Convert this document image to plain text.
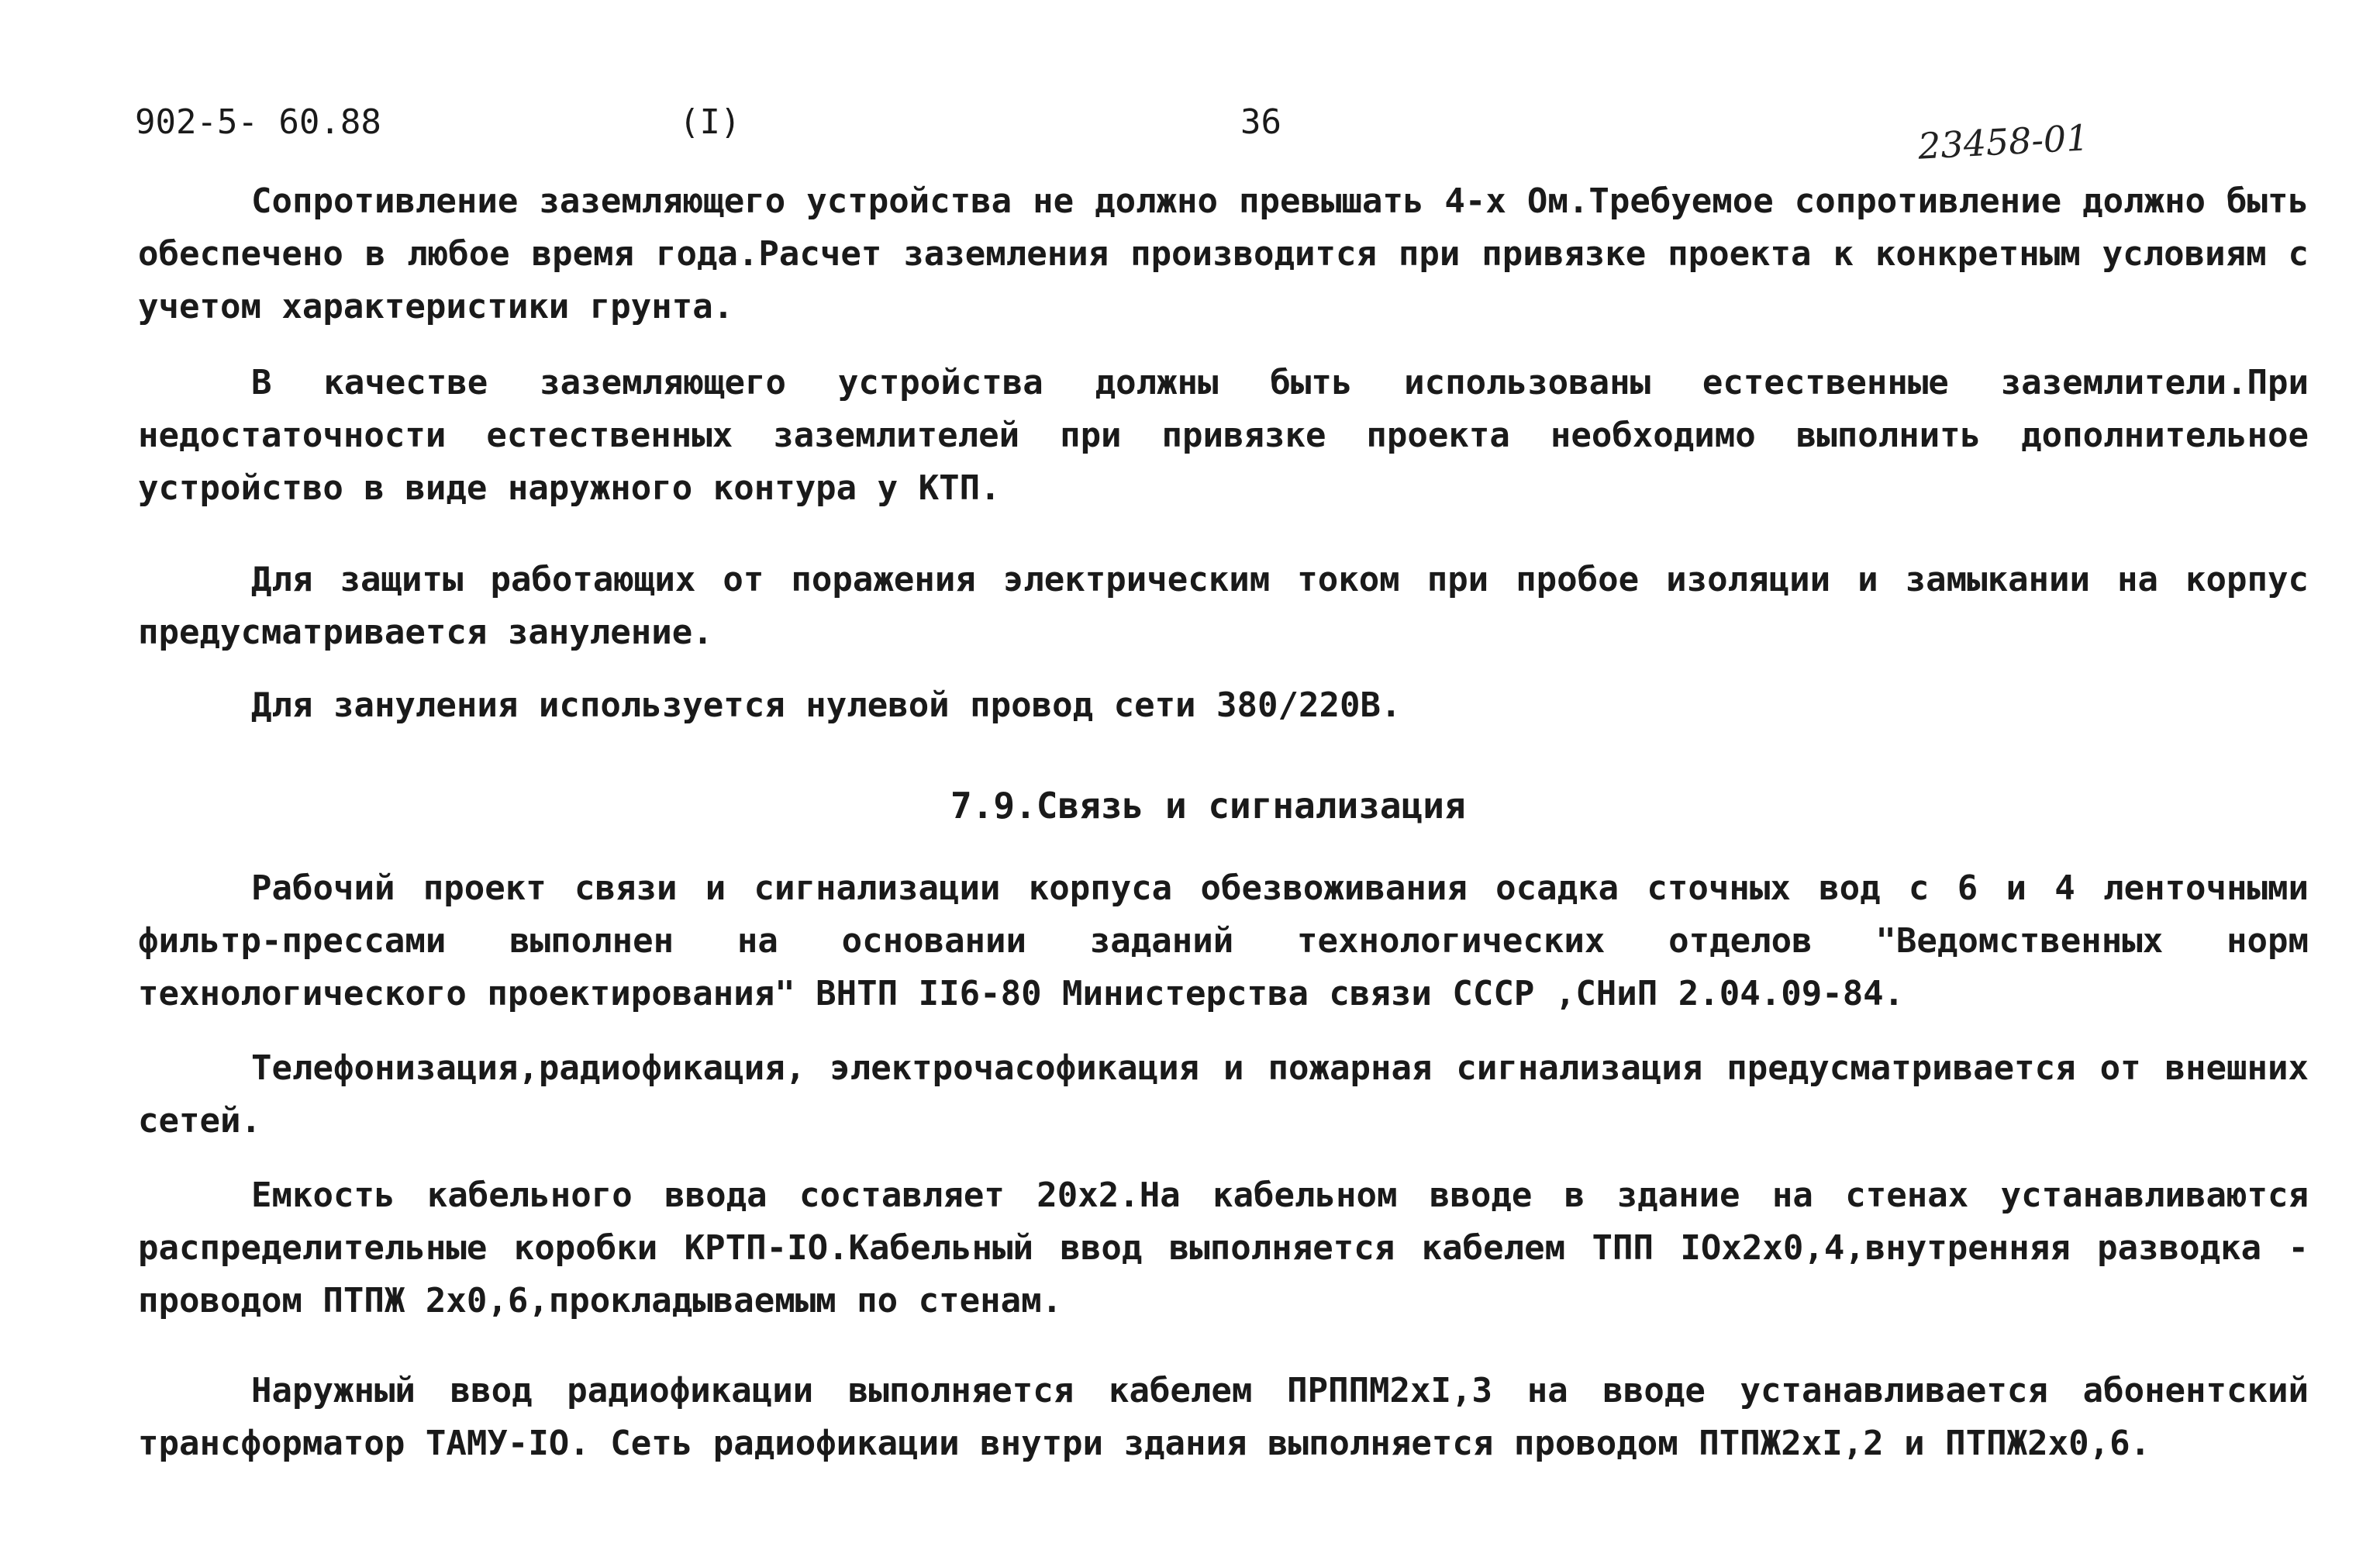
902-5- 60.88	(I)	36	23458-01

Сопротивление заземляющего устройства не должно превышать 4-х Ом.Требуемое сопротивление должно быть обеспечено в любое время года.Расчет заземления производится при привязке проекта к конкретным условиям с учетом характеристики грунта.

В качестве заземляющего устройства должны быть использованы естественные заземлители.При недостаточности естественных заземлителей при привязке проекта необходимо выполнить дополнительное устройство в виде наружного контура у КТП.

Для защиты работающих от поражения электрическим током при пробое изоляции и замыкании на корпус предусматривается зануление.

Для зануления используется нулевой провод сети 380/220В.

7.9.Связь и сигнализация

Рабочий проект связи и сигнализации корпуса обезвоживания осадка сточных вод с 6 и 4 ленточными фильтр-прессами выполнен на основании заданий технологических отделов "Ведомственных норм технологического проектирования" ВНТП II6-80 Министерства связи СССР ,СНиП 2.04.09-84.

Телефонизация,радиофикация, электрочасофикация и пожарная сигнализация предусматривается от внешних сетей.

Емкость кабельного ввода составляет 20х2.На кабельном вводе в здание на стенах устанавливаются распределительные коробки КРТП-IO.Кабельный ввод выполняется кабелем ТПП IOx2x0,4,внутренняя разводка - проводом ПТПЖ 2х0,6,прокладываемым по стенам.

Наружный ввод радиофикации выполняется кабелем ПРППМ2хI,3 на вводе устанавливается абонентский трансформатор ТАМУ-IO. Сеть радиофикации внутри здания выполняется проводом ПТПЖ2хI,2 и ПТПЖ2х0,6.
